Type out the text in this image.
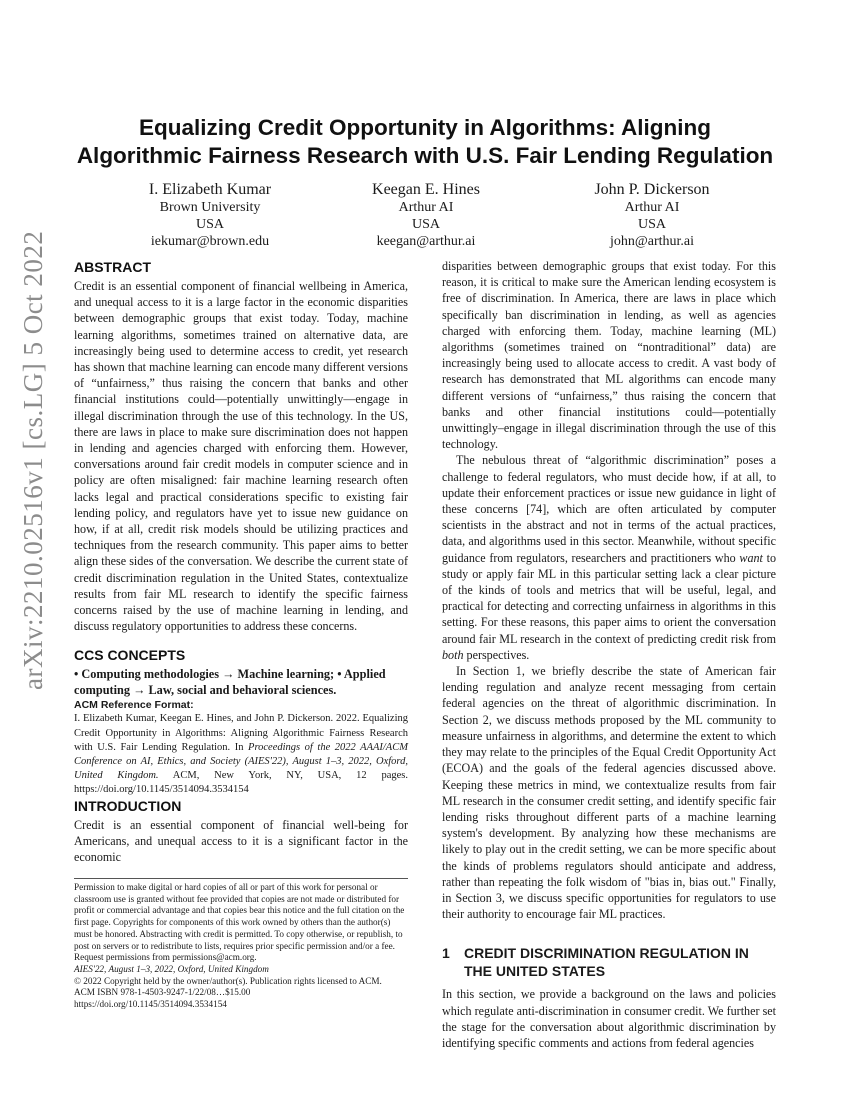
arXiv:2210.02516v1 [cs.LG] 5 Oct 2022
Equalizing Credit Opportunity in Algorithms: Aligning
Algorithmic Fairness Research with U.S. Fair Lending Regulation
I. Elizabeth Kumar
Brown University
USA
iekumar@brown.edu
Keegan E. Hines
Arthur AI
USA
keegan@arthur.ai
John P. Dickerson
Arthur AI
USA
john@arthur.ai
ABSTRACT

Credit is an essential component of financial wellbeing in America, and unequal access to it is a large factor in the economic disparities between demographic groups that exist today. Today, machine learning algorithms, sometimes trained on alternative data, are increasingly being used to determine access to credit, yet research has shown that machine learning can encode many different versions of “unfairness,” thus raising the concern that banks and other financial institutions could—potentially unwittingly—engage in illegal discrimination through the use of this technology. In the US, there are laws in place to make sure discrimination does not happen in lending and agencies charged with enforcing them. However, conversations around fair credit models in computer science and in policy are often misaligned: fair machine learning research often lacks legal and practical considerations specific to existing fair lending policy, and regulators have yet to issue new guidance on how, if at all, credit risk models should be utilizing practices and techniques from the research community. This paper aims to better align these sides of the conversation. We describe the current state of credit discrimination regulation in the United States, contextualize results from fair ML research to identify the specific fairness concerns raised by the use of machine learning in lending, and discuss regulatory opportunities to address these concerns.

CCS CONCEPTS

• Computing methodologies → Machine learning; • Applied computing → Law, social and behavioral sciences.

ACM Reference Format:

I. Elizabeth Kumar, Keegan E. Hines, and John P. Dickerson. 2022. Equalizing Credit Opportunity in Algorithms: Aligning Algorithmic Fairness Research with U.S. Fair Lending Regulation. In Proceedings of the 2022 AAAI/ACM Conference on AI, Ethics, and Society (AIES'22), August 1–3, 2022, Oxford, United Kingdom. ACM, New York, NY, USA, 12 pages. https://doi.org/10.1145/3514094.3534154

INTRODUCTION

Credit is an essential component of financial well-being for Americans, and unequal access to it is a significant factor in the economic

Permission to make digital or hard copies of all or part of this work for personal or classroom use is granted without fee provided that copies are not made or distributed for profit or commercial advantage and that copies bear this notice and the full citation on the first page. Copyrights for components of this work owned by others than the author(s) must be honored. Abstracting with credit is permitted. To copy otherwise, or republish, to post on servers or to redistribute to lists, requires prior specific permission and/or a fee. Request permissions from permissions@acm.org.

AIES'22, August 1–3, 2022, Oxford, United Kingdom

© 2022 Copyright held by the owner/author(s). Publication rights licensed to ACM.

ACM ISBN 978-1-4503-9247-1/22/08…$15.00

https://doi.org/10.1145/3514094.3534154

disparities between demographic groups that exist today. For this reason, it is critical to make sure the American lending ecosystem is free of discrimination. In America, there are laws in place which specifically ban discrimination in lending, as well as agencies charged with enforcing them. Today, machine learning (ML) algorithms (sometimes trained on “nontraditional” data) are increasingly being used to allocate access to credit. A vast body of research has demonstrated that ML algorithms can encode many different versions of “unfairness,” thus raising the concern that banks and other financial institutions could—potentially unwittingly–engage in illegal discrimination through the use of this technology.

The nebulous threat of “algorithmic discrimination” poses a challenge to federal regulators, who must decide how, if at all, to update their enforcement practices or issue new guidance in light of these concerns [74], which are often articulated by computer scientists in the abstract and not in terms of the actual practices, data, and algorithms used in this sector. Meanwhile, without specific guidance from regulators, researchers and practitioners who want to study or apply fair ML in this particular setting lack a clear picture of the kinds of tools and metrics that will be useful, legal, and practical for detecting and correcting unfairness in algorithms in this setting. For these reasons, this paper aims to orient the conversation around fair ML research in the context of predicting credit risk from both perspectives.

In Section 1, we briefly describe the state of American fair lending regulation and analyze recent messaging from certain federal agencies on the threat of algorithmic discrimination. In Section 2, we discuss methods proposed by the ML community to measure unfairness in algorithms, and determine the extent to which they may relate to the principles of the Equal Credit Opportunity Act (ECOA) and the goals of the federal agencies discussed above. Keeping these metrics in mind, we contextualize results from fair ML research in the consumer credit setting, and identify specific fair lending risks throughout different parts of a machine learning system's development. By analyzing how these mechanisms are likely to play out in the credit setting, we can be more specific about the kinds of problems regulators should anticipate and address, rather than repeating the folk wisdom of "bias in, bias out." Finally, in Section 3, we discuss specific opportunities for regulators to use their authority to encourage fair ML practices.

1	CREDIT DISCRIMINATION REGULATION IN THE UNITED STATES

In this section, we provide a background on the laws and policies which regulate anti-discrimination in consumer credit. We further set the stage for the conversation about algorithmic discrimination by identifying specific comments and actions from federal agencies
